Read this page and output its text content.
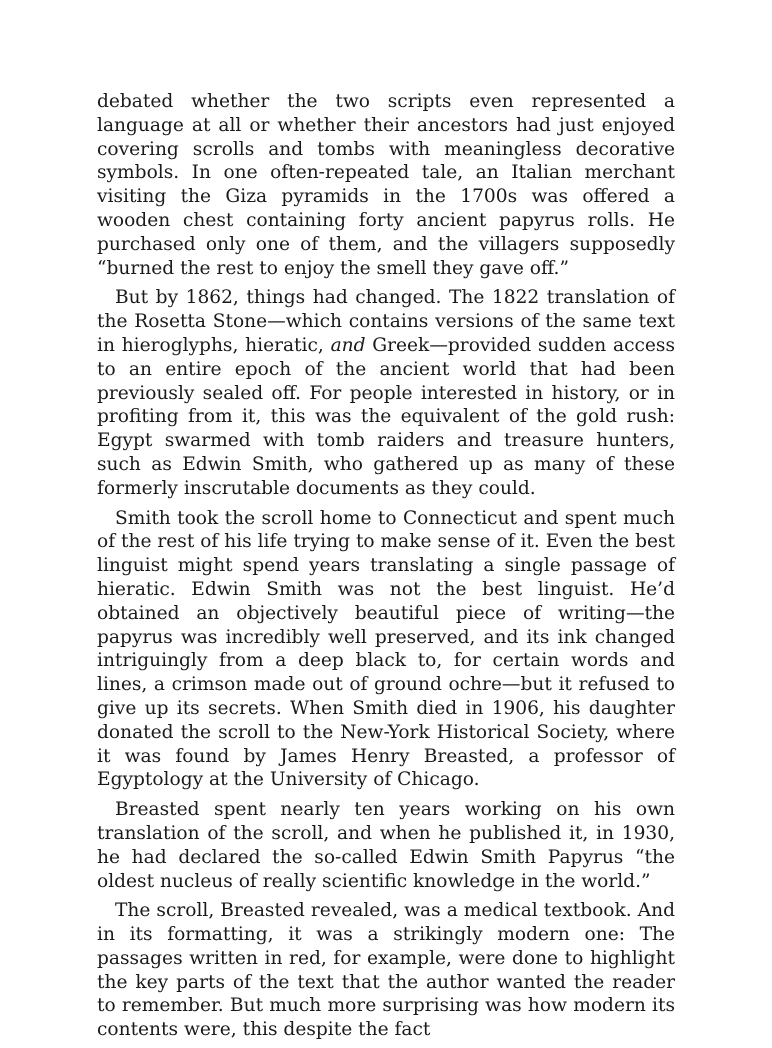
debated whether the two scripts even represented a language at all or whether their ancestors had just enjoyed covering scrolls and tombs with meaningless decorative symbols. In one often-repeated tale, an Italian merchant visiting the Giza pyramids in the 1700s was offered a wooden chest containing forty ancient papyrus rolls. He purchased only one of them, and the villagers supposedly “burned the rest to enjoy the smell they gave off.”

But by 1862, things had changed. The 1822 translation of the Rosetta Stone—which contains versions of the same text in hieroglyphs, hieratic, and Greek—provided sudden access to an entire epoch of the ancient world that had been previously sealed off. For people interested in history, or in profiting from it, this was the equivalent of the gold rush: Egypt swarmed with tomb raiders and treasure hunters, such as Edwin Smith, who gathered up as many of these formerly inscrutable documents as they could.

Smith took the scroll home to Connecticut and spent much of the rest of his life trying to make sense of it. Even the best linguist might spend years translating a single passage of hieratic. Edwin Smith was not the best linguist. He’d obtained an objectively beautiful piece of writing—the papyrus was incredibly well preserved, and its ink changed intriguingly from a deep black to, for certain words and lines, a crimson made out of ground ochre—but it refused to give up its secrets. When Smith died in 1906, his daughter donated the scroll to the New-York Historical Society, where it was found by James Henry Breasted, a professor of Egyptology at the University of Chicago.

Breasted spent nearly ten years working on his own translation of the scroll, and when he published it, in 1930, he had declared the so-called Edwin Smith Papyrus “the oldest nucleus of really scientific knowledge in the world.”

The scroll, Breasted revealed, was a medical textbook. And in its formatting, it was a strikingly modern one: The passages written in red, for example, were done to highlight the key parts of the text that the author wanted the reader to remember. But much more surprising was how modern its contents were, this despite the fact
